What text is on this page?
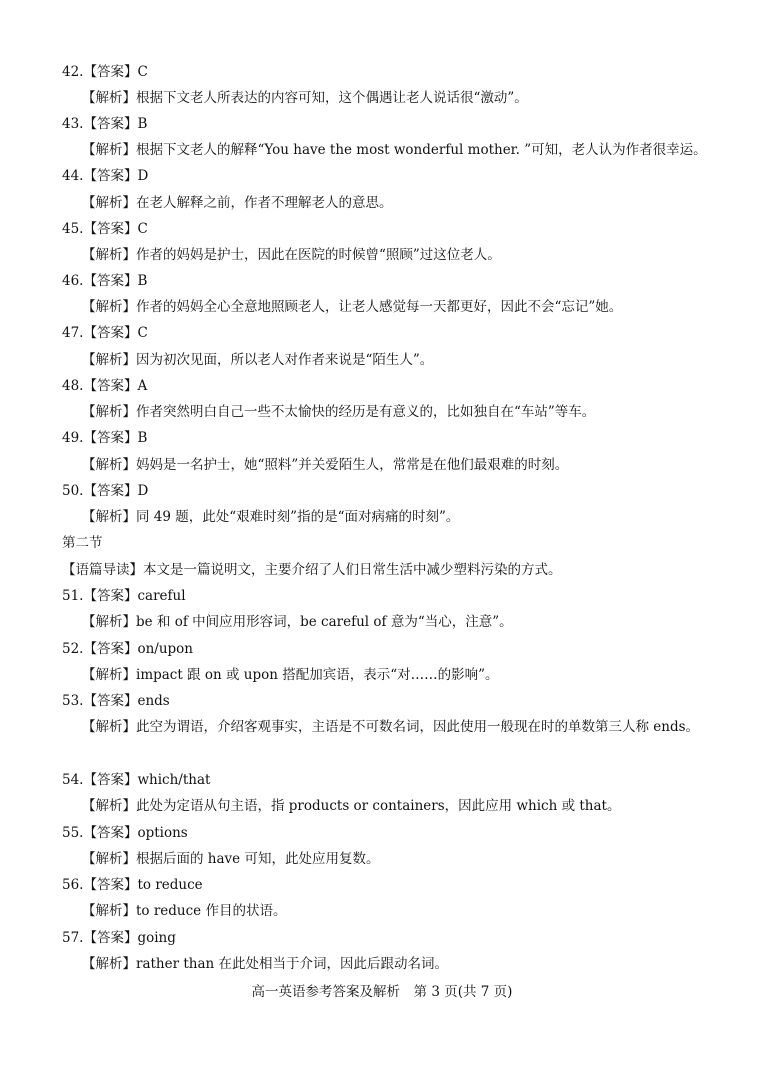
42.【答案】C
【解析】根据下文老人所表达的内容可知，这个偶遇让老人说话很“激动”。
43.【答案】B
【解析】根据下文老人的解释“You have the most wonderful mother. ”可知，老人认为作者很幸运。
44.【答案】D
【解析】在老人解释之前，作者不理解老人的意思。
45.【答案】C
【解析】作者的妈妈是护士，因此在医院的时候曾“照顾”过这位老人。
46.【答案】B
【解析】作者的妈妈全心全意地照顾老人，让老人感觉每一天都更好，因此不会“忘记”她。
47.【答案】C
【解析】因为初次见面，所以老人对作者来说是“陌生人”。
48.【答案】A
【解析】作者突然明白自己一些不太愉快的经历是有意义的，比如独自在“车站”等车。
49.【答案】B
【解析】妈妈是一名护士，她“照料”并关爱陌生人，常常是在他们最艰难的时刻。
50.【答案】D
【解析】同 49 题，此处“艰难时刻”指的是“面对病痛的时刻”。
第二节
【语篇导读】本文是一篇说明文，主要介绍了人们日常生活中减少塑料污染的方式。
51.【答案】careful
【解析】be 和 of 中间应用形容词，be careful of 意为“当心，注意”。
52.【答案】on/upon
【解析】impact 跟 on 或 upon 搭配加宾语，表示“对……的影响”。
53.【答案】ends
【解析】此空为谓语，介绍客观事实，主语是不可数名词，因此使用一般现在时的单数第三人称 ends。
54.【答案】which/that
【解析】此处为定语从句主语，指 products or containers，因此应用 which 或 that。
55.【答案】options
【解析】根据后面的 have 可知，此处应用复数。
56.【答案】to reduce
【解析】to reduce 作目的状语。
57.【答案】going
【解析】rather than 在此处相当于介词，因此后跟动名词。
高一英语参考答案及解析　第 3 页(共 7 页)
